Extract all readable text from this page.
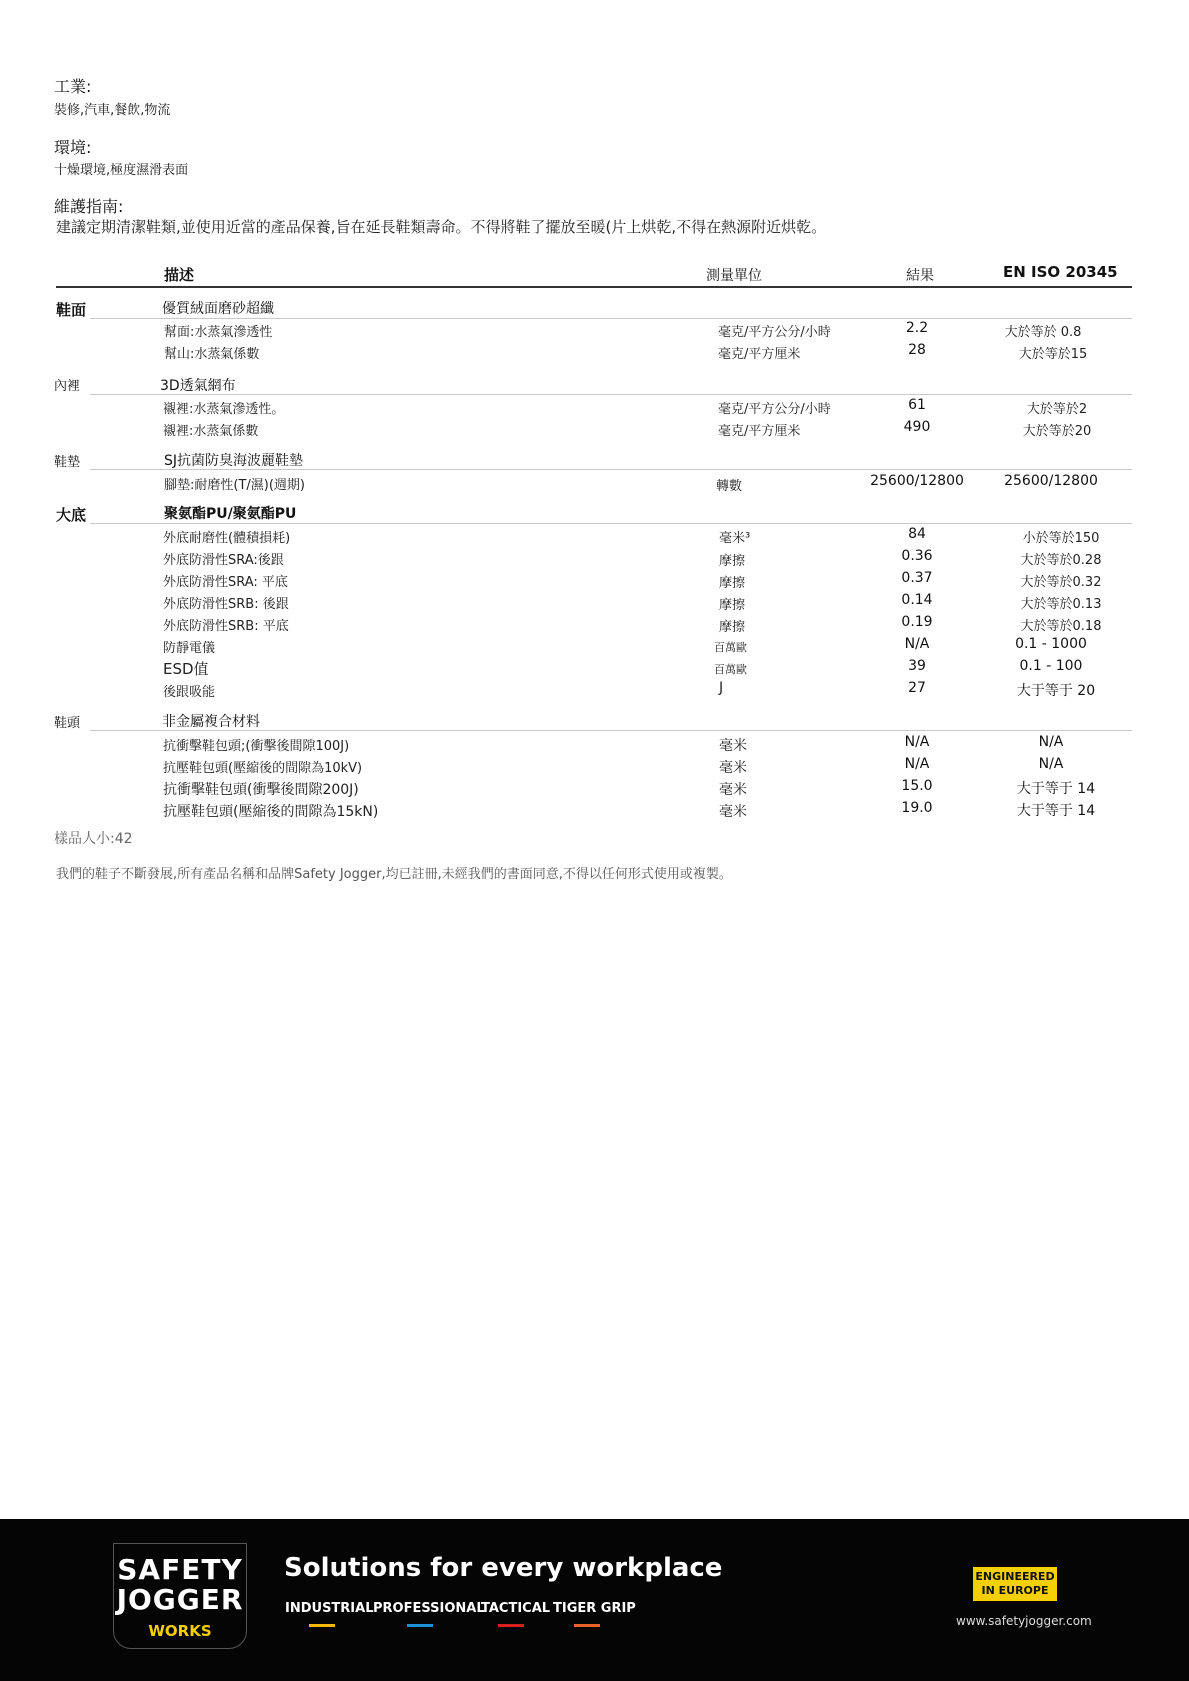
工業:
裝修,汽車,餐飲,物流
環境:
十燥環境,極度濕滑表面
維護指南:
建議定期清潔鞋類,並使用近當的產品保養,旨在延長鞋類壽命。不得將鞋了擺放至暖(片上烘乾,不得在熱源附近烘乾。
描述	測量單位	結果	EN ISO 20345
鞋面	優質絨面磨砂超纖
幫面:水蒸氣滲透性	毫克/平方公分/小時	2.2	大於等於 0.8
幫山:水蒸氣係數	毫克/平方厘米	28	大於等於15
內裡	3D透氣網布
襯裡:水蒸氣滲透性。	毫克/平方公分/小時	61	大於等於2
襯裡:水蒸氣係數	毫克/平方厘米	490	大於等於20
鞋墊	SJ抗菌防臭海波麗鞋墊
腳墊:耐磨性(T/濕)(週期)	轉數	25600/12800	25600/12800
大底	聚氨酯PU/聚氨酯PU
外底耐磨性(體積損耗)	毫米³	84	小於等於150
外底防滑性SRA:後跟	摩擦	0.36	大於等於0.28
外底防滑性SRA: 平底	摩擦	0.37	大於等於0.32
外底防滑性SRB: 後跟	摩擦	0.14	大於等於0.13
外底防滑性SRB: 平底	摩擦	0.19	大於等於0.18
防靜電儀	百萬歐	N/A	0.1 - 1000
ESD值	百萬歐	39	0.1 - 100
後跟吸能	J	27	大于等于 20
鞋頭	非金屬複合材料
抗衝擊鞋包頭;(衝擊後間隙100J)	毫米	N/A	N/A
抗壓鞋包頭(壓縮後的間隙為10kV)	毫米	N/A	N/A
抗衝擊鞋包頭(衝擊後間隙200J)	毫米	15.0	大于等于 14
抗壓鞋包頭(壓縮後的間隙為15kN)	毫米	19.0	大于等于 14
樣品人小:42
我們的鞋子不斷發展,所有產品名稱和品牌Safety Jogger,均已註冊,未經我們的書面同意,不得以任何形式使用或複製。
SAFETY
JOGGER
WORKS
Solutions for every workplace
INDUSTRIAL PROFESSIONAL
TACTICAL TIGER GRIP
ENGINEERED
IN EUROPE
www.safetyjogger.com
